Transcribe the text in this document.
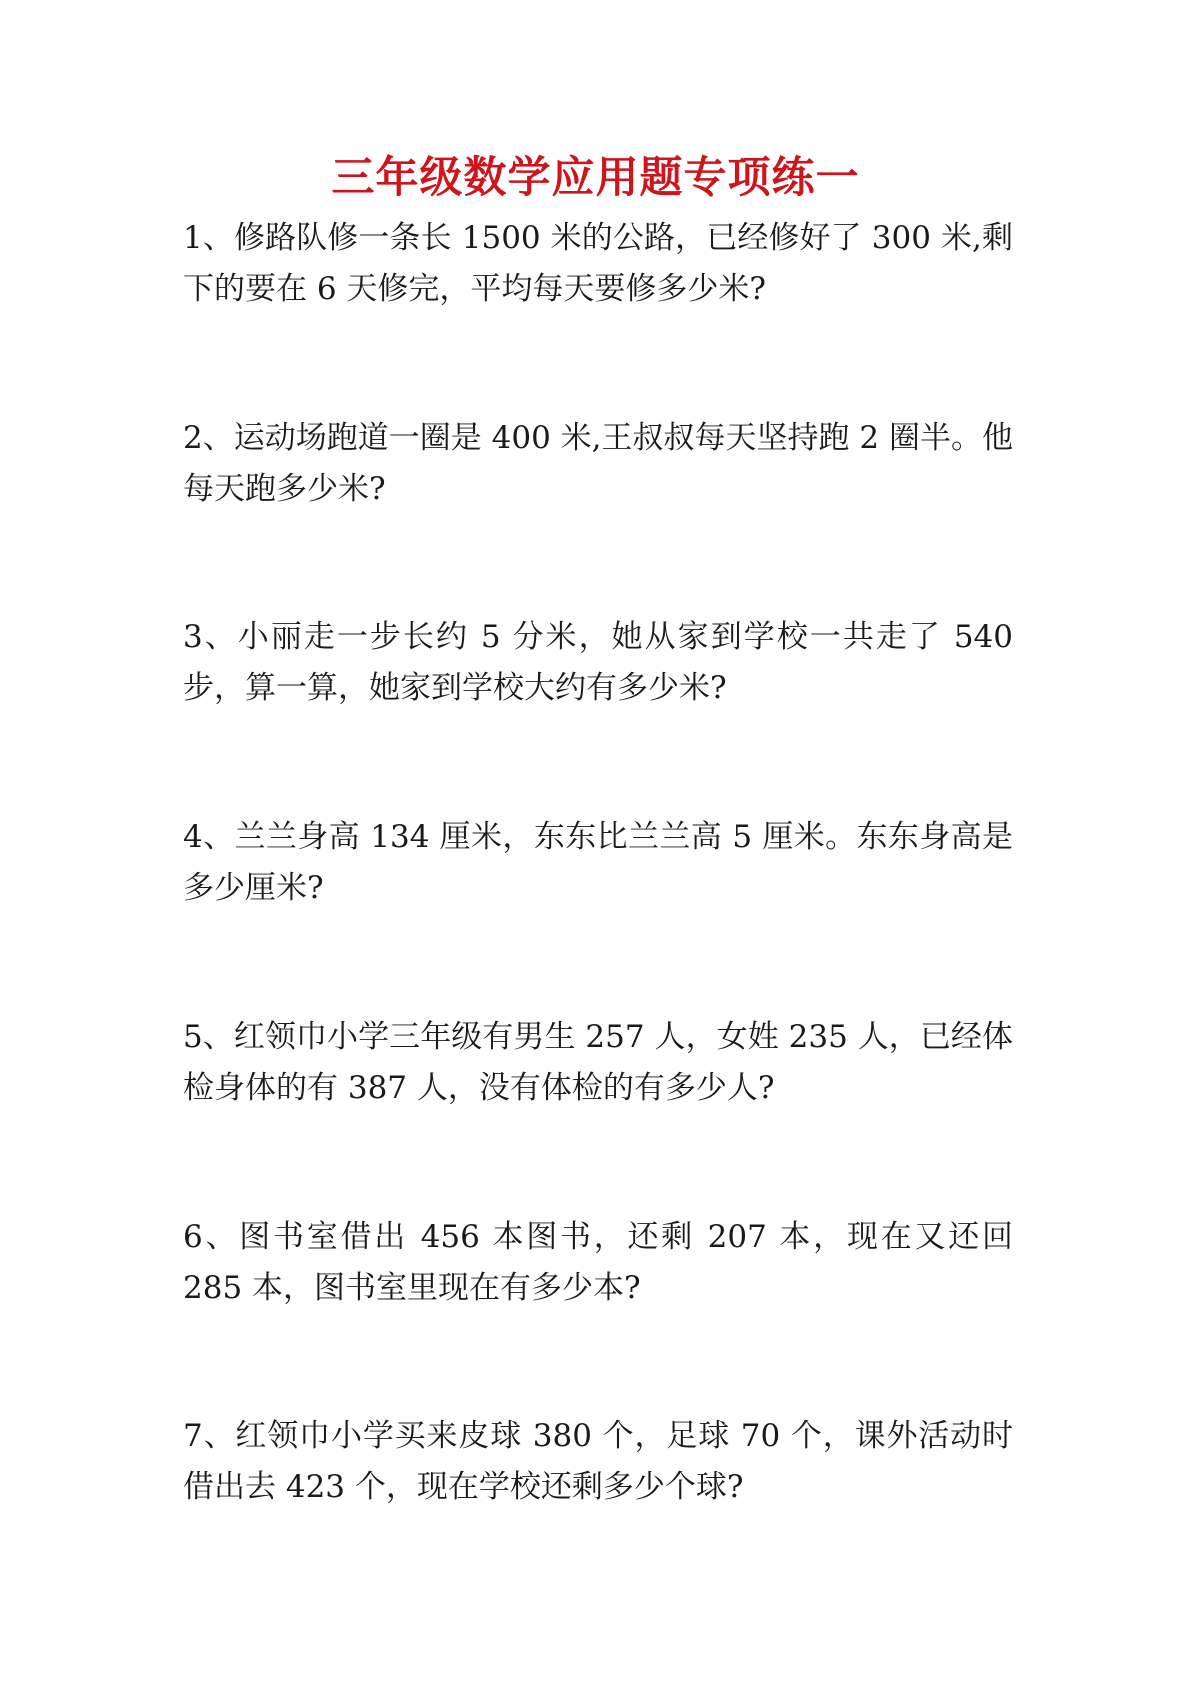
三年级数学应用题专项练一

1、修路队修一条长 1500 米的公路，已经修好了 300 米,剩下的要在 6 天修完，平均每天要修多少米?

2、运动场跑道一圈是 400 米,王叔叔每天坚持跑 2 圈半。他每天跑多少米?

3、小丽走一步长约 5 分米，她从家到学校一共走了 540 步，算一算，她家到学校大约有多少米?

4、兰兰身高 134 厘米，东东比兰兰高 5 厘米。东东身高是多少厘米?

5、红领巾小学三年级有男生 257 人，女姓 235 人，已经体检身体的有 387 人，没有体检的有多少人?

6、图书室借出 456 本图书，还剩 207 本，现在又还回 285 本，图书室里现在有多少本?

7、红领巾小学买来皮球 380 个，足球 70 个，课外活动时借出去 423 个，现在学校还剩多少个球?
